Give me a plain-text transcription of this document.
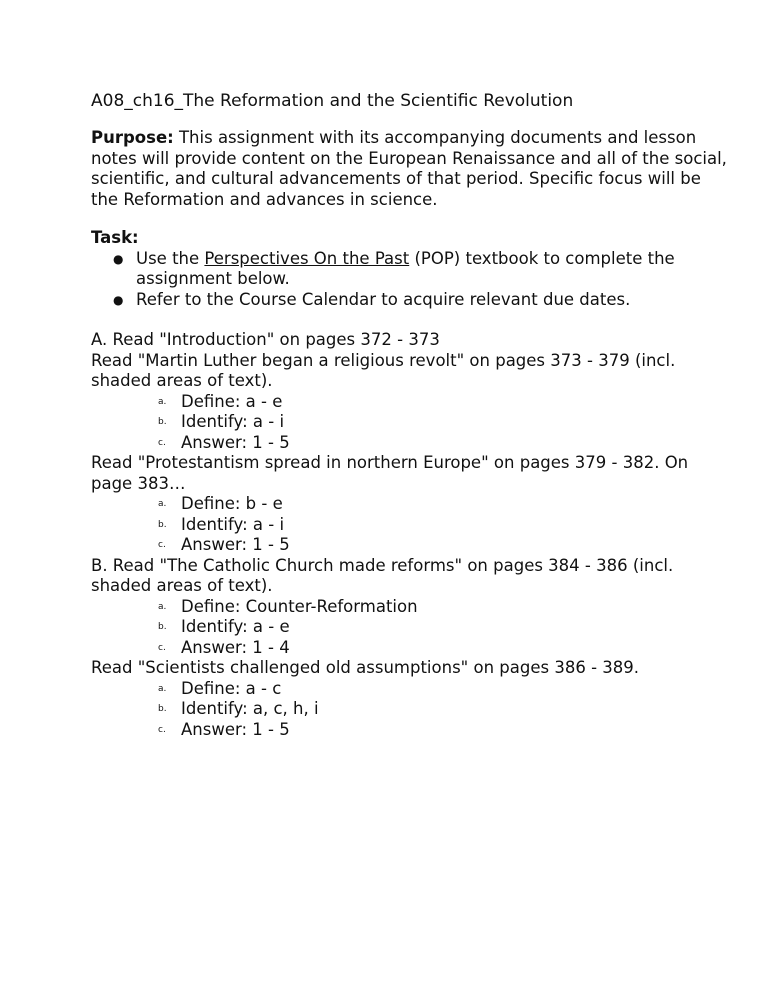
A08_ch16_The Reformation and the Scientific Revolution
Purpose: This assignment with its accompanying documents and lesson notes will provide content on the European Renaissance and all of the social, scientific, and cultural advancements of that period. Specific focus will be the Reformation and advances in science.
Task:
● Use the Perspectives On the Past (POP) textbook to complete the assignment below.
● Refer to the Course Calendar to acquire relevant due dates.
A. Read "Introduction" on pages 372 - 373
Read "Martin Luther began a religious revolt" on pages 373 - 379 (incl. shaded areas of text).
a. Define: a - e
b. Identify: a - i
c. Answer: 1 - 5
Read "Protestantism spread in northern Europe" on pages 379 - 382. On page 383…
a. Define: b - e
b. Identify: a - i
c. Answer: 1 - 5
B. Read "The Catholic Church made reforms" on pages 384 - 386 (incl. shaded areas of text).
a. Define: Counter-Reformation
b. Identify: a - e
c. Answer: 1 - 4
Read "Scientists challenged old assumptions" on pages 386 - 389.
a. Define: a - c
b. Identify: a, c, h, i
c. Answer: 1 - 5
